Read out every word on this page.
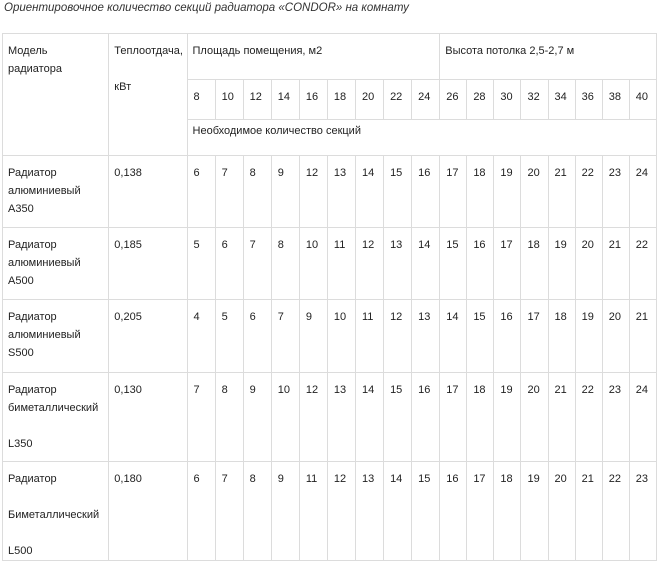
Ориентировочное количество секций радиатора «CONDOR» на комнату
Модель
радиатора	Теплоотдача,

кВт	Площадь помещения, м2									Высота потолка 2,5-2,7 м							
		8	10	12	14	16	18	20	22	24	26	28	30	32	34	36	38	40
		Необходимое количество секций																
Радиатор
алюминиевый
А350	0,138	6	7	8	9	12	13	14	15	16	17	18	19	20	21	22	23	24
Радиатор
алюминиевый
А500	0,185	5	6	7	8	10	11	12	13	14	15	16	17	18	19	20	21	22
Радиатор
алюминиевый
S500	0,205	4	5	6	7	9	10	11	12	13	14	15	16	17	18	19	20	21
Радиатор
биметаллический

L350	0,130	7	8	9	10	12	13	14	15	16	17	18	19	20	21	22	23	24
Радиатор

Биметаллический

L500	0,180	6	7	8	9	11	12	13	14	15	16	17	18	19	20	21	22	23
